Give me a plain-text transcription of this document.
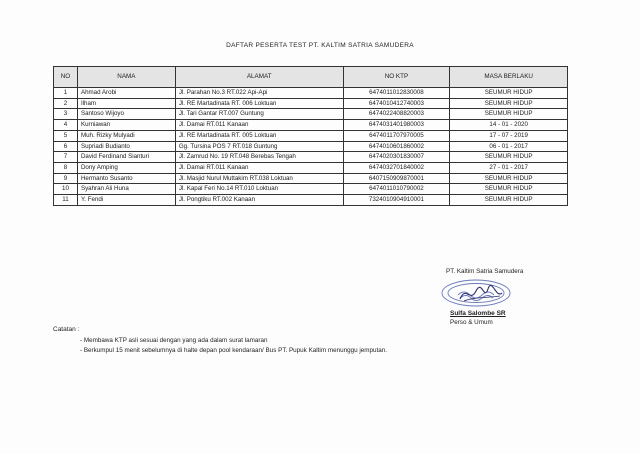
DAFTAR PESERTA TEST PT. KALTIM SATRIA SAMUDERA
NO	NAMA	ALAMAT	NO KTP	MASA BERLAKU
1	Ahmad Arobi	Jl. Parahan No.3 RT.022 Api-Api	6474011012830008	SEUMUR HIDUP
2	Ilham	Jl. RE Martadinata RT. 006 Loktuan	6474010412740003	SEUMUR HIDUP
3	Santoso Wijoyo	Jl. Tari Gantar RT.007 Guntung	6474022408820003	SEUMUR HIDUP
4	Kurniawan	Jl. Damai RT.011 Kanaan	6474031401980003	14 - 01 - 2020
5	Muh. Rizky Mulyadi	Jl. RE Martadinata RT. 005 Loktuan	6474011707970005	17 - 07 - 2019
6	Supriadi Budianto	Gg. Tursina POS 7 RT.018 Guntung	6474010601860002	06 - 01 - 2017
7	David Ferdinand Sianturi	Jl. Zamrud No. 19 RT.048 Berebas Tengah	6474020301830007	SEUMUR HIDUP
8	Dony Amping	Jl. Damai RT.011 Kanaan	6474032701840002	27 - 01 - 2017
9	Hermanto Susanto	Jl. Masjid Nurul Muttakim RT.038 Loktuan	6407150909870001	SEUMUR HIDUP
10	Syahran Ali Huna	Jl. Kapal Feri No.14 RT.010 Loktuan	6474011010790002	SEUMUR HIDUP
11	Y. Fendi	Jl. Pongtiku RT.002 Kanaan	7324010904910001	SEUMUR HIDUP
PT. Kaltim Satria Samudera
Sulfa Salombe SR
Perso & Umum
Catatan :
- Membawa KTP asli sesuai dengan yang ada dalam surat lamaran
- Berkumpul 15 menit sebelumnya di halte depan pool kendaraan/ Bus PT. Pupuk Kaltim menunggu jemputan.
